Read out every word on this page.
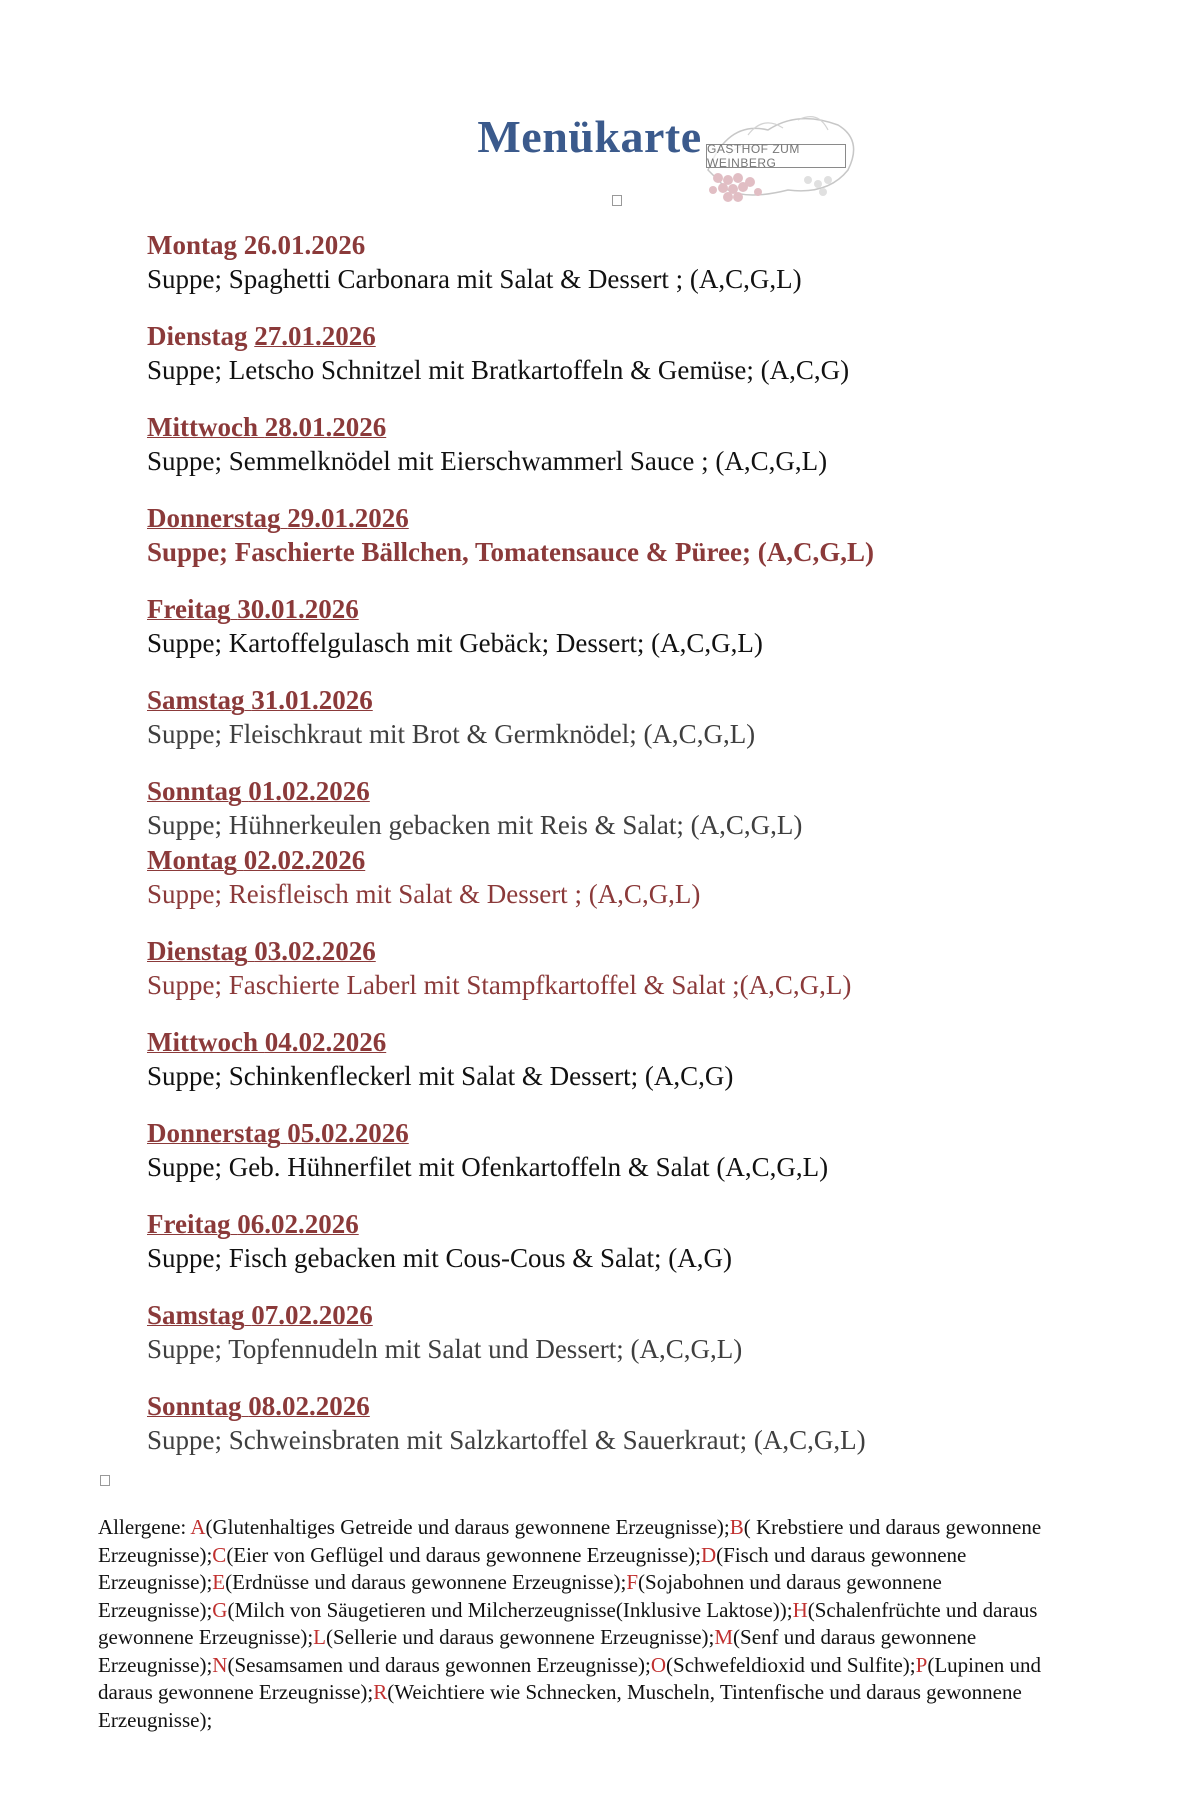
Menükarte GASTHOF ZUM WEINBERG
Montag 26.01.2026
Suppe; Spaghetti Carbonara mit Salat & Dessert ; (A,C,G,L)
Dienstag 27.01.2026
Suppe; Letscho Schnitzel mit Bratkartoffeln & Gemüse; (A,C,G)
Mittwoch 28.01.2026
Suppe; Semmelknödel mit Eierschwammerl Sauce ; (A,C,G,L)
Donnerstag 29.01.2026
Suppe; Faschierte Bällchen, Tomatensauce & Püree; (A,C,G,L)
Freitag 30.01.2026
Suppe; Kartoffelgulasch mit Gebäck; Dessert; (A,C,G,L)
Samstag 31.01.2026
Suppe; Fleischkraut mit Brot & Germknödel; (A,C,G,L)
Sonntag 01.02.2026
Suppe; Hühnerkeulen gebacken mit Reis & Salat; (A,C,G,L)
Montag 02.02.2026
Suppe; Reisfleisch mit Salat & Dessert ; (A,C,G,L)
Dienstag 03.02.2026
Suppe; Faschierte Laberl mit Stampfkartoffel & Salat ;(A,C,G,L)
Mittwoch 04.02.2026
Suppe; Schinkenfleckerl mit Salat & Dessert; (A,C,G)
Donnerstag 05.02.2026
Suppe; Geb. Hühnerfilet mit Ofenkartoffeln & Salat (A,C,G,L)
Freitag 06.02.2026
Suppe; Fisch gebacken mit Cous-Cous & Salat; (A,G)
Samstag 07.02.2026
Suppe; Topfennudeln mit Salat und Dessert; (A,C,G,L)
Sonntag 08.02.2026
Suppe; Schweinsbraten mit Salzkartoffel & Sauerkraut; (A,C,G,L)
Allergene: A(Glutenhaltiges Getreide und daraus gewonnene Erzeugnisse);B( Krebstiere und daraus gewonnene Erzeugnisse);C(Eier von Geflügel und daraus gewonnene Erzeugnisse);D(Fisch und daraus gewonnene Erzeugnisse);E(Erdnüsse und daraus gewonnene Erzeugnisse);F(Sojabohnen und daraus gewonnene Erzeugnisse);G(Milch von Säugetieren und Milcherzeugnisse(Inklusive Laktose));H(Schalenfrüchte und daraus gewonnene Erzeugnisse);L(Sellerie und daraus gewonnene Erzeugnisse);M(Senf und daraus gewonnene Erzeugnisse);N(Sesamsamen und daraus gewonnen Erzeugnisse);O(Schwefeldioxid und Sulfite);P(Lupinen und daraus gewonnene Erzeugnisse);R(Weichtiere wie Schnecken, Muscheln, Tintenfische und daraus gewonnene Erzeugnisse);
